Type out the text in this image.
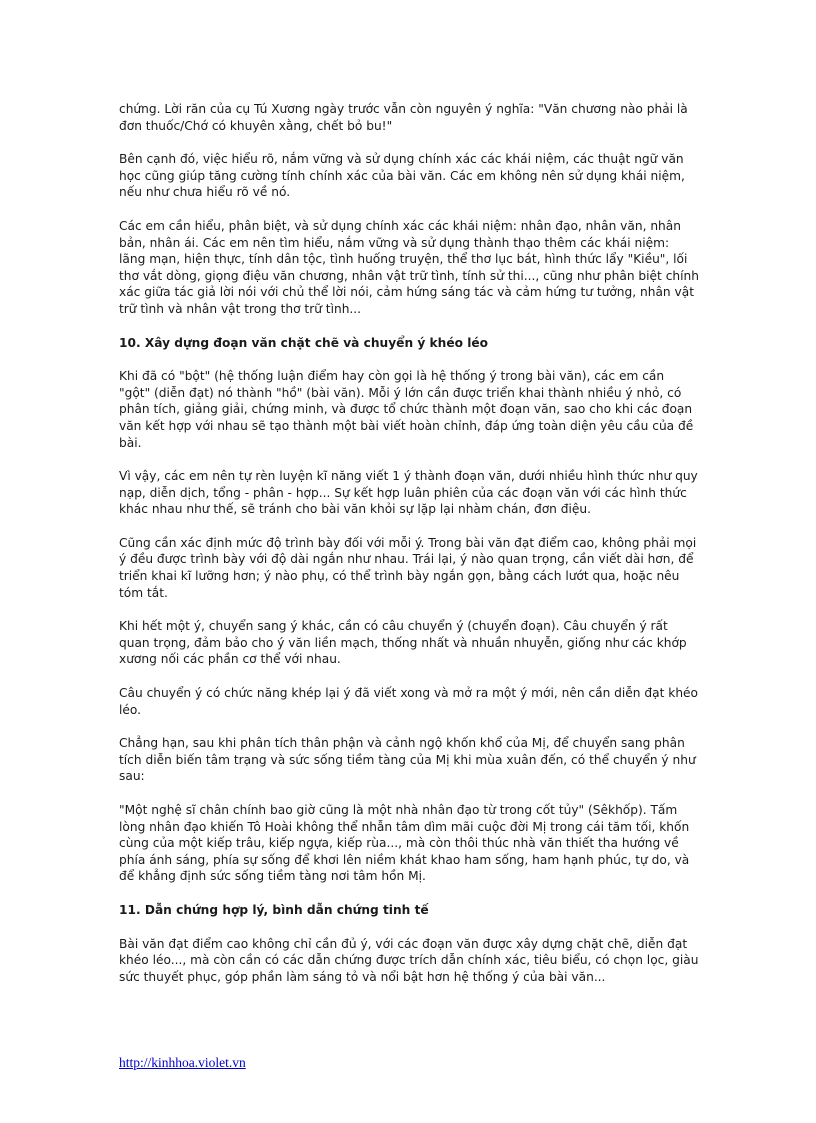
chứng. Lời răn của cụ Tú Xương ngày trước vẫn còn nguyên ý nghĩa: "Văn chương nào phải là đơn thuốc/Chớ có khuyên xằng, chết bỏ bu!"

Bên cạnh đó, việc hiểu rõ, nắm vững và sử dụng chính xác các khái niệm, các thuật ngữ văn học cũng giúp tăng cường tính chính xác của bài văn. Các em không nên sử dụng khái niệm, nếu như chưa hiểu rõ về nó.

Các em cần hiểu, phân biệt, và sử dụng chính xác các khái niệm: nhân đạo, nhân văn, nhân bản, nhân ái. Các em nên tìm hiểu, nắm vững và sử dụng thành thạo thêm các khái niệm: lãng mạn, hiện thực, tính dân tộc, tình huống truyện, thể thơ lục bát, hình thức lẩy "Kiều", lối thơ vắt dòng, giọng điệu văn chương, nhân vật trữ tình, tính sử thi..., cũng như phân biệt chính xác giữa tác giả lời nói với chủ thể lời nói, cảm hứng sáng tác và cảm hứng tư tưởng, nhân vật trữ tình và nhân vật trong thơ trữ tình...

10. Xây dựng đoạn văn chặt chẽ và chuyển ý khéo léo

Khi đã có "bột" (hệ thống luận điểm hay còn gọi là hệ thống ý trong bài văn), các em cần "gột" (diễn đạt) nó thành "hồ" (bài văn). Mỗi ý lớn cần được triển khai thành nhiều ý nhỏ, có phân tích, giảng giải, chứng minh, và được tổ chức thành một đoạn văn, sao cho khi các đoạn văn kết hợp với nhau sẽ tạo thành một bài viết hoàn chỉnh, đáp ứng toàn diện yêu cầu của đề bài.

Vì vậy, các em nên tự rèn luyện kĩ năng viết 1 ý thành đoạn văn, dưới nhiều hình thức như quy nạp, diễn dịch, tổng - phân - hợp... Sự kết hợp luân phiên của các đoạn văn với các hình thức khác nhau như thế, sẽ tránh cho bài văn khỏi sự lặp lại nhàm chán, đơn điệu.

Cũng cần xác định mức độ trình bày đối với mỗi ý. Trong bài văn đạt điểm cao, không phải mọi ý đều được trình bày với độ dài ngắn như nhau. Trái lại, ý nào quan trọng, cần viết dài hơn, để triển khai kĩ lưỡng hơn; ý nào phụ, có thể trình bày ngắn gọn, bằng cách lướt qua, hoặc nêu tóm tắt.

Khi hết một ý, chuyển sang ý khác, cần có câu chuyển ý (chuyển đoạn). Câu chuyển ý rất quan trọng, đảm bảo cho ý văn liền mạch, thống nhất và nhuần nhuyễn, giống như các khớp xương nối các phần cơ thể với nhau.

Câu chuyển ý có chức năng khép lại ý đã viết xong và mở ra một ý mới, nên cần diễn đạt khéo léo.

Chẳng hạn, sau khi phân tích thân phận và cảnh ngộ khốn khổ của Mị, để chuyển sang phân tích diễn biến tâm trạng và sức sống tiềm tàng của Mị khi mùa xuân đến, có thể chuyển ý như sau:

"Một nghệ sĩ chân chính bao giờ cũng là một nhà nhân đạo từ trong cốt tủy" (Sêkhốp). Tấm lòng nhân đạo khiến Tô Hoài không thể nhẫn tâm dìm mãi cuộc đời Mị trong cái tăm tối, khốn cùng của một kiếp trâu, kiếp ngựa, kiếp rùa..., mà còn thôi thúc nhà văn thiết tha hướng về phía ánh sáng, phía sự sống để khơi lên niềm khát khao ham sống, ham hạnh phúc, tự do, và để khẳng định sức sống tiềm tàng nơi tâm hồn Mị.

11. Dẫn chứng hợp lý, bình dẫn chứng tinh tế

Bài văn đạt điểm cao không chỉ cần đủ ý, với các đoạn văn được xây dựng chặt chẽ, diễn đạt khéo léo..., mà còn cần có các dẫn chứng được trích dẫn chính xác, tiêu biểu, có chọn lọc, giàu sức thuyết phục, góp phần làm sáng tỏ và nổi bật hơn hệ thống ý của bài văn...

http://kinhhoa.violet.vn
